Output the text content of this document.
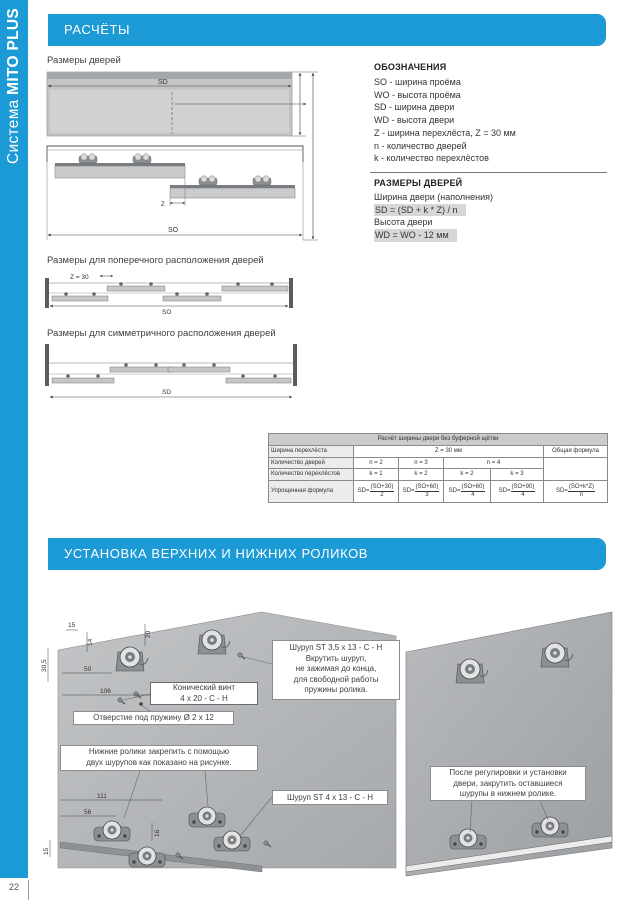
Система MITO PLUS
22
РАСЧЁТЫ
Размеры дверей
Размеры для поперечного расположения дверей
Размеры для симметричного расположения дверей
SD
Z
SO
Z = 30
SO
SD
ОБОЗНАЧЕНИЯ
SO - ширина проёма
WO - высота проёма
SD - ширина двери
WD - высота двери
Z - ширина перехлёста, Z = 30 мм
n - количество дверей
k - количество перехлёстов
РАЗМЕРЫ ДВЕРЕЙ
Ширина двери (наполнения)
SD = (SD + k * Z) / n
Высота двери
WD = WO - 12 мм
Расчёт ширины двери без буферной щётки					
Ширина перехлёста	Z = 30 мм				Общая формула
Количество дверей	n = 2	n = 3	n = 4		
Количество перехлёстов	k = 1	k = 2	k = 2	k = 3	
Упрощенная формула	$SD= \frac{(SO+30)}{2}$	$SD= \frac{(SO+60)}{3}$	$SD= \frac{(SO+60)}{4}$	$SD= \frac{(SO+90)}{4}$	$SD= \frac{(SO+k*Z)}{n}$
УСТАНОВКА ВЕРХНИХ И НИЖНИХ РОЛИКОВ
15
14
20
30,5	50
106
111
56
16
15
Шуруп ST 3,5 x 13 - C - H
Вкрутить шуруп,
не зажимая до конца,
для свободной работы
пружины ролика.
Конический винт
4 x 20 - C - H
Отверстие под пружину Ø 2 x 12
Нижние ролики закрепить с помощью
двух шурупов как показано на рисунке.
Шуруп ST 4 x 13 - C - H
После регулировки и установки
двери, закрутить оставшиеся
шурупы в нижнем ролике.
